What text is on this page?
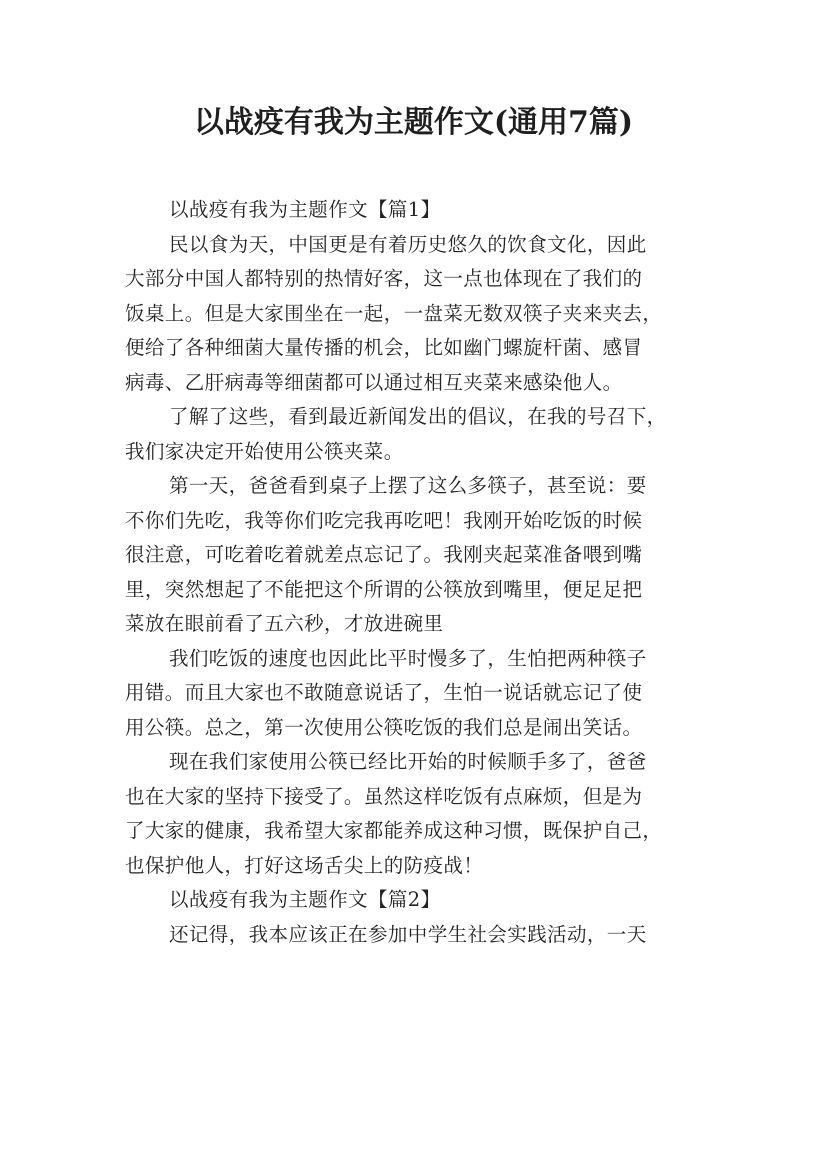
以战疫有我为主题作文(通用7篇)

以战疫有我为主题作文【篇1】

民以食为天，中国更是有着历史悠久的饮食文化，因此

大部分中国人都特别的热情好客，这一点也体现在了我们的

饭桌上。但是大家围坐在一起，一盘菜无数双筷子夹来夹去，

便给了各种细菌大量传播的机会，比如幽门螺旋杆菌、感冒

病毒、乙肝病毒等细菌都可以通过相互夹菜来感染他人。

了解了这些，看到最近新闻发出的倡议，在我的号召下，

我们家决定开始使用公筷夹菜。

第一天，爸爸看到桌子上摆了这么多筷子，甚至说：要

不你们先吃，我等你们吃完我再吃吧！我刚开始吃饭的时候

很注意，可吃着吃着就差点忘记了。我刚夹起菜准备喂到嘴

里，突然想起了不能把这个所谓的公筷放到嘴里，便足足把

菜放在眼前看了五六秒，才放进碗里

我们吃饭的速度也因此比平时慢多了，生怕把两种筷子

用错。而且大家也不敢随意说话了，生怕一说话就忘记了使

用公筷。总之，第一次使用公筷吃饭的我们总是闹出笑话。

现在我们家使用公筷已经比开始的时候顺手多了，爸爸

也在大家的坚持下接受了。虽然这样吃饭有点麻烦，但是为

了大家的健康，我希望大家都能养成这种习惯，既保护自己，

也保护他人，打好这场舌尖上的防疫战！

以战疫有我为主题作文【篇2】

还记得，我本应该正在参加中学生社会实践活动，一天
